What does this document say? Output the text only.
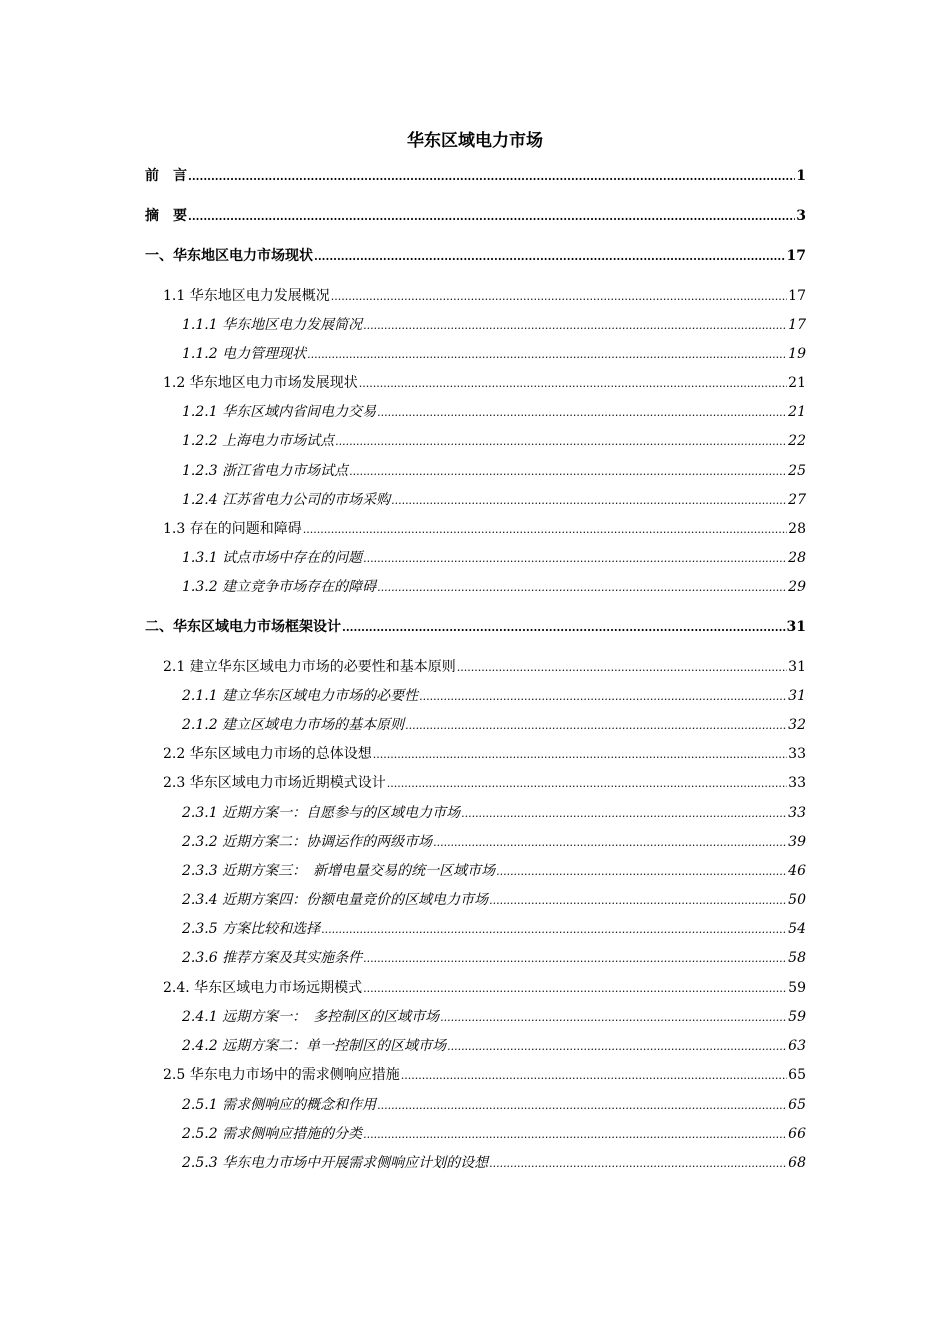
华东区域电力市场
前　言 .....	1
摘　要 .....	3
一、华东地区电力市场现状 .....	17
1.1 华东地区电力发展概况 .....	17
1.1.1 华东地区电力发展简况 .....	17
1.1.2 电力管理现状 .....	19
1.2 华东地区电力市场发展现状 .....	21
1.2.1 华东区域内省间电力交易 .....	21
1.2.2 上海电力市场试点 .....	22
1.2.3 浙江省电力市场试点 .....	25
1.2.4 江苏省电力公司的市场采购 .....	27
1.3 存在的问题和障碍 .....	28
1.3.1 试点市场中存在的问题 .....	28
1.3.2 建立竞争市场存在的障碍 .....	29
二、华东区域电力市场框架设计 .....	31
2.1 建立华东区域电力市场的必要性和基本原则 .....	31
2.1.1 建立华东区域电力市场的必要性 .....	31
2.1.2 建立区域电力市场的基本原则 .....	32
2.2 华东区域电力市场的总体设想 .....	33
2.3 华东区域电力市场近期模式设计 .....	33
2.3.1 近期方案一：自愿参与的区域电力市场 .....	33
2.3.2 近期方案二：协调运作的两级市场 .....	39
2.3.3 近期方案三：　新增电量交易的统一区域市场 .....	46
2.3.4 近期方案四：份额电量竞价的区域电力市场 .....	50
2.3.5 方案比较和选择 .....	54
2.3.6 推荐方案及其实施条件 .....	58
2.4. 华东区域电力市场远期模式 .....	59
2.4.1 远期方案一：　多控制区的区域市场 .....	59
2.4.2 远期方案二：单一控制区的区域市场 .....	63
2.5 华东电力市场中的需求侧响应措施 .....	65
2.5.1 需求侧响应的概念和作用 .....	65
2.5.2 需求侧响应措施的分类 .....	66
2.5.3 华东电力市场中开展需求侧响应计划的设想 .....	68
